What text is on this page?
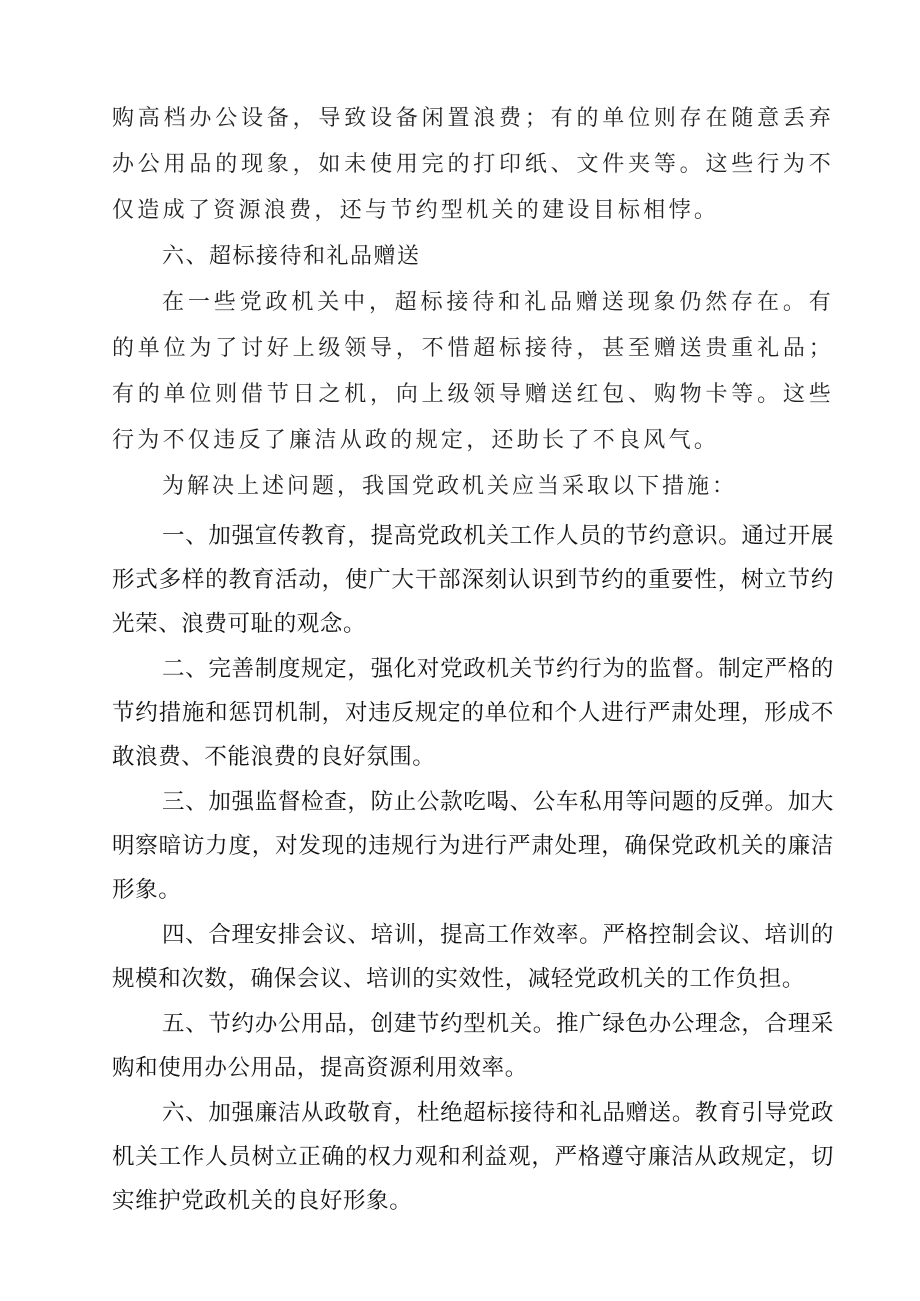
购高档办公设备，导致设备闲置浪费；有的单位则存在随意丢弃办公用品的现象，如未使用完的打印纸、文件夹等。这些行为不仅造成了资源浪费，还与节约型机关的建设目标相悖。

六、超标接待和礼品赠送

在一些党政机关中，超标接待和礼品赠送现象仍然存在。有的单位为了讨好上级领导，不惜超标接待，甚至赠送贵重礼品；有的单位则借节日之机，向上级领导赠送红包、购物卡等。这些行为不仅违反了廉洁从政的规定，还助长了不良风气。

为解决上述问题，我国党政机关应当采取以下措施：

一、加强宣传教育，提高党政机关工作人员的节约意识。通过开展形式多样的教育活动，使广大干部深刻认识到节约的重要性，树立节约光荣、浪费可耻的观念。

二、完善制度规定，强化对党政机关节约行为的监督。制定严格的节约措施和惩罚机制，对违反规定的单位和个人进行严肃处理，形成不敢浪费、不能浪费的良好氛围。

三、加强监督检查，防止公款吃喝、公车私用等问题的反弹。加大明察暗访力度，对发现的违规行为进行严肃处理，确保党政机关的廉洁形象。

四、合理安排会议、培训，提高工作效率。严格控制会议、培训的规模和次数，确保会议、培训的实效性，减轻党政机关的工作负担。

五、节约办公用品，创建节约型机关。推广绿色办公理念，合理采购和使用办公用品，提高资源利用效率。

六、加强廉洁从政敬育，杜绝超标接待和礼品赠送。教育引导党政机关工作人员树立正确的权力观和利益观，严格遵守廉洁从政规定，切实维护党政机关的良好形象。
